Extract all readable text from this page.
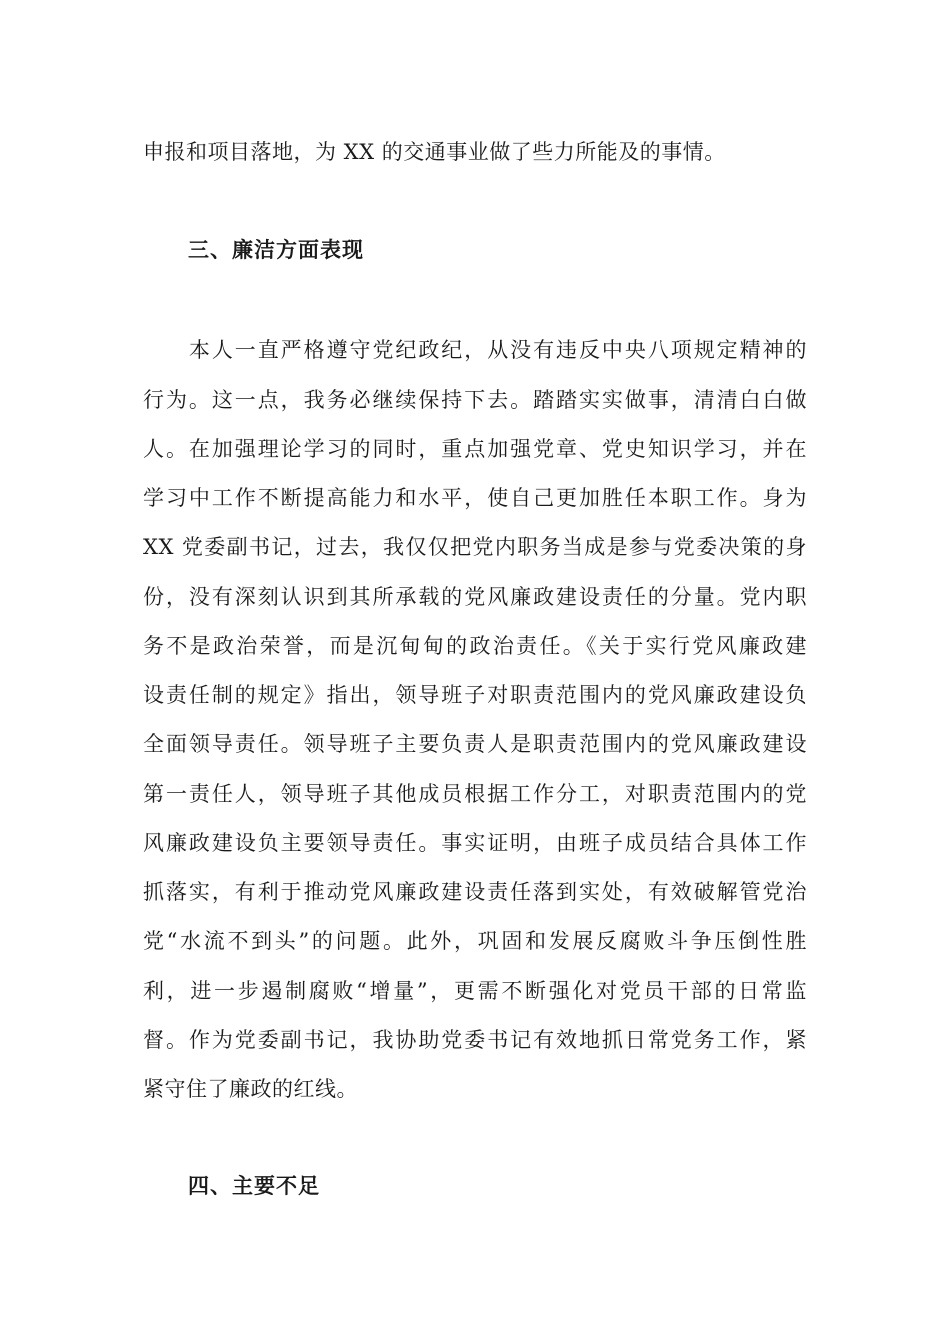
申报和项目落地，为 XX 的交通事业做了些力所能及的事情。
三、廉洁方面表现
　　本人一直严格遵守党纪政纪，从没有违反中央八项规定精神的
行为。这一点，我务必继续保持下去。踏踏实实做事，清清白白做
人。在加强理论学习的同时，重点加强党章、党史知识学习，并在
学习中工作不断提高能力和水平，使自己更加胜任本职工作。身为
XX 党委副书记，过去，我仅仅把党内职务当成是参与党委决策的身
份，没有深刻认识到其所承载的党风廉政建设责任的分量。党内职
务不是政治荣誉，而是沉甸甸的政治责任。《关于实行党风廉政建
设责任制的规定》指出，领导班子对职责范围内的党风廉政建设负
全面领导责任。领导班子主要负责人是职责范围内的党风廉政建设
第一责任人，领导班子其他成员根据工作分工，对职责范围内的党
风廉政建设负主要领导责任。事实证明，由班子成员结合具体工作
抓落实，有利于推动党风廉政建设责任落到实处，有效破解管党治
党“水流不到头”的问题。此外，巩固和发展反腐败斗争压倒性胜
利，进一步遏制腐败“增量”，更需不断强化对党员干部的日常监
督。作为党委副书记，我协助党委书记有效地抓日常党务工作，紧
紧守住了廉政的红线。
四、主要不足
